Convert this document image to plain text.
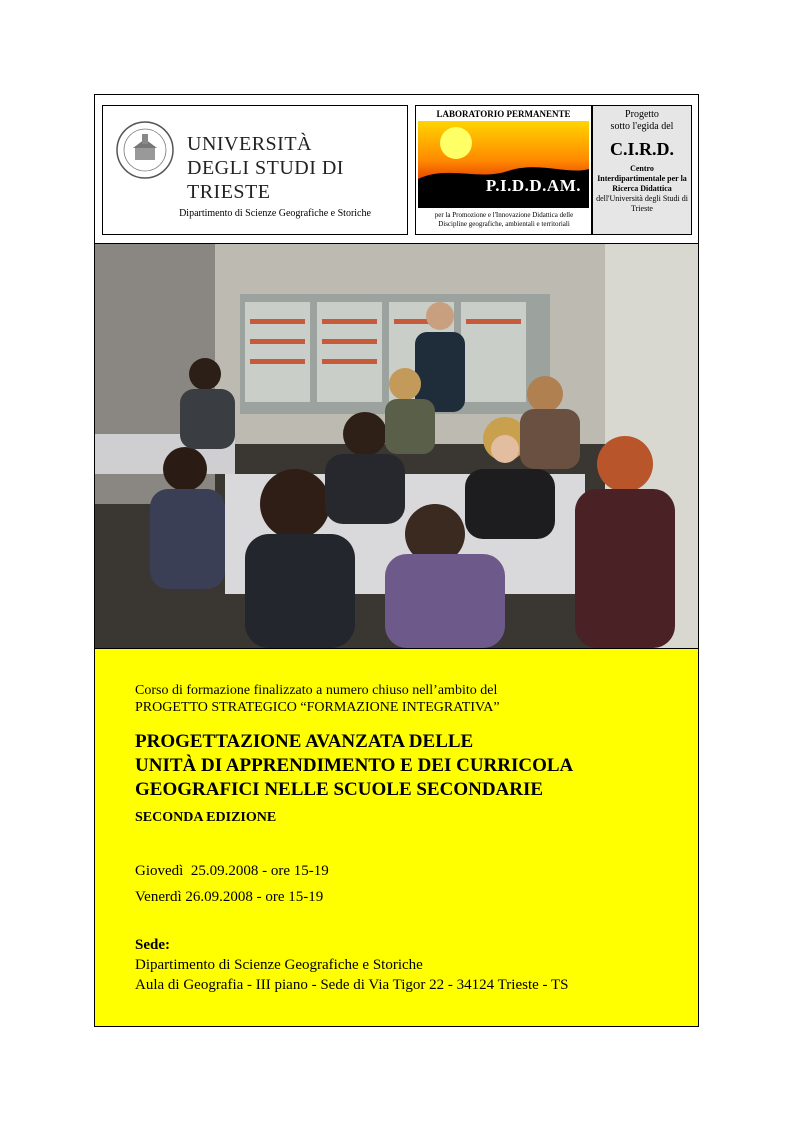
UNIVERSITÀ
DEGLI STUDI DI TRIESTE
Dipartimento di Scienze Geografiche e Storiche
LABORATORIO PERMANENTE
P.I.D.D.AM.
per la Promozione e l'Innovazione Didattica delle Discipline geografiche, ambientali e territoriali
Progetto
sotto l'egida del
C.I.R.D.
Centro Interdipartimentale per la Ricerca Didattica
dell'Università degli Studi di Trieste
Corso di formazione finalizzato a numero chiuso nell’ambito del
PROGETTO STRATEGICO “FORMAZIONE INTEGRATIVA”
PROGETTAZIONE AVANZATA DELLE
UNITÀ DI APPRENDIMENTO E DEI CURRICOLA
GEOGRAFICI NELLE SCUOLE SECONDARIE
SECONDA EDIZIONE
Giovedì  25.09.2008 - ore 15-19
Venerdì 26.09.2008 - ore 15-19
Sede:
Dipartimento di Scienze Geografiche e Storiche
Aula di Geografia - III piano - Sede di Via Tigor 22 - 34124 Trieste - TS
